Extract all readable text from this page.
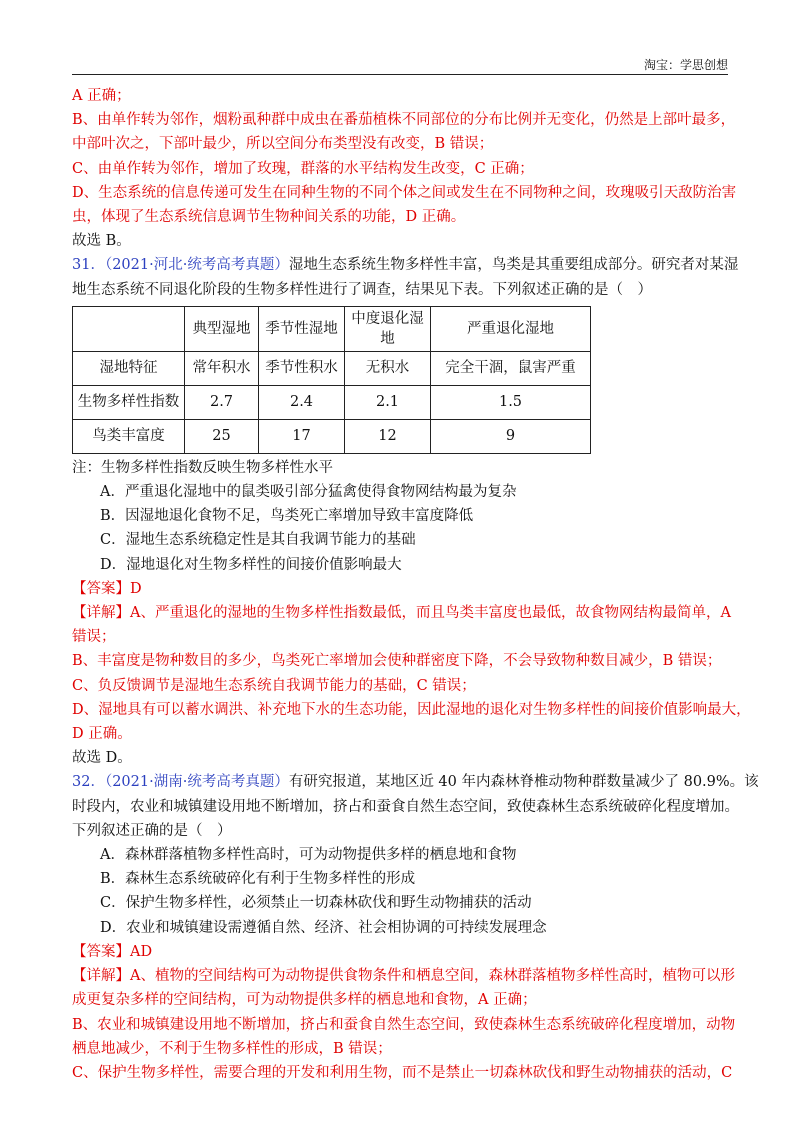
淘宝：学思创想
A 正确；
B、由单作转为邻作，烟粉虱种群中成虫在番茄植株不同部位的分布比例并无变化，仍然是上部叶最多，
中部叶次之，下部叶最少，所以空间分布类型没有改变，B 错误；
C、由单作转为邻作，增加了玫瑰，群落的水平结构发生改变，C 正确；
D、生态系统的信息传递可发生在同种生物的不同个体之间或发生在不同物种之间，玫瑰吸引天敌防治害
虫，体现了生态系统信息调节生物种间关系的功能，D 正确。
故选 B。
31．（2021·河北·统考高考真题）湿地生态系统生物多样性丰富，鸟类是其重要组成部分。研究者对某湿
地生态系统不同退化阶段的生物多样性进行了调查，结果见下表。下列叙述正确的是（　）
	典型湿地	季节性湿地	中度退化湿
地	严重退化湿地
湿地特征	常年积水	季节性积水	无积水	完全干涸，鼠害严重
生物多样性指数	2.7	2.4	2.1	1.5
鸟类丰富度	25	17	12	9
注：生物多样性指数反映生物多样性水平
A．严重退化湿地中的鼠类吸引部分猛禽使得食物网结构最为复杂
B．因湿地退化食物不足，鸟类死亡率增加导致丰富度降低
C．湿地生态系统稳定性是其自我调节能力的基础
D．湿地退化对生物多样性的间接价值影响最大
【答案】D
【详解】A、严重退化的湿地的生物多样性指数最低，而且鸟类丰富度也最低，故食物网结构最简单，A
错误；
B、丰富度是物种数目的多少，鸟类死亡率增加会使种群密度下降，不会导致物种数目减少，B 错误；
C、负反馈调节是湿地生态系统自我调节能力的基础，C 错误；
D、湿地具有可以蓄水调洪、补充地下水的生态功能，因此湿地的退化对生物多样性的间接价值影响最大，
D 正确。
故选 D。
32．（2021·湖南·统考高考真题）有研究报道，某地区近 40 年内森林脊椎动物种群数量减少了 80.9%。该
时段内，农业和城镇建设用地不断增加，挤占和蚕食自然生态空间，致使森林生态系统破碎化程度增加。
下列叙述正确的是（　）
A．森林群落植物多样性高时，可为动物提供多样的栖息地和食物
B．森林生态系统破碎化有利于生物多样性的形成
C．保护生物多样性，必须禁止一切森林砍伐和野生动物捕获的活动
D．农业和城镇建设需遵循自然、经济、社会相协调的可持续发展理念
【答案】AD
【详解】A、植物的空间结构可为动物提供食物条件和栖息空间，森林群落植物多样性高时，植物可以形
成更复杂多样的空间结构，可为动物提供多样的栖息地和食物，A 正确；
B、农业和城镇建设用地不断增加，挤占和蚕食自然生态空间，致使森林生态系统破碎化程度增加，动物
栖息地减少，不利于生物多样性的形成，B 错误；
C、保护生物多样性，需要合理的开发和利用生物，而不是禁止一切森林砍伐和野生动物捕获的活动，C
